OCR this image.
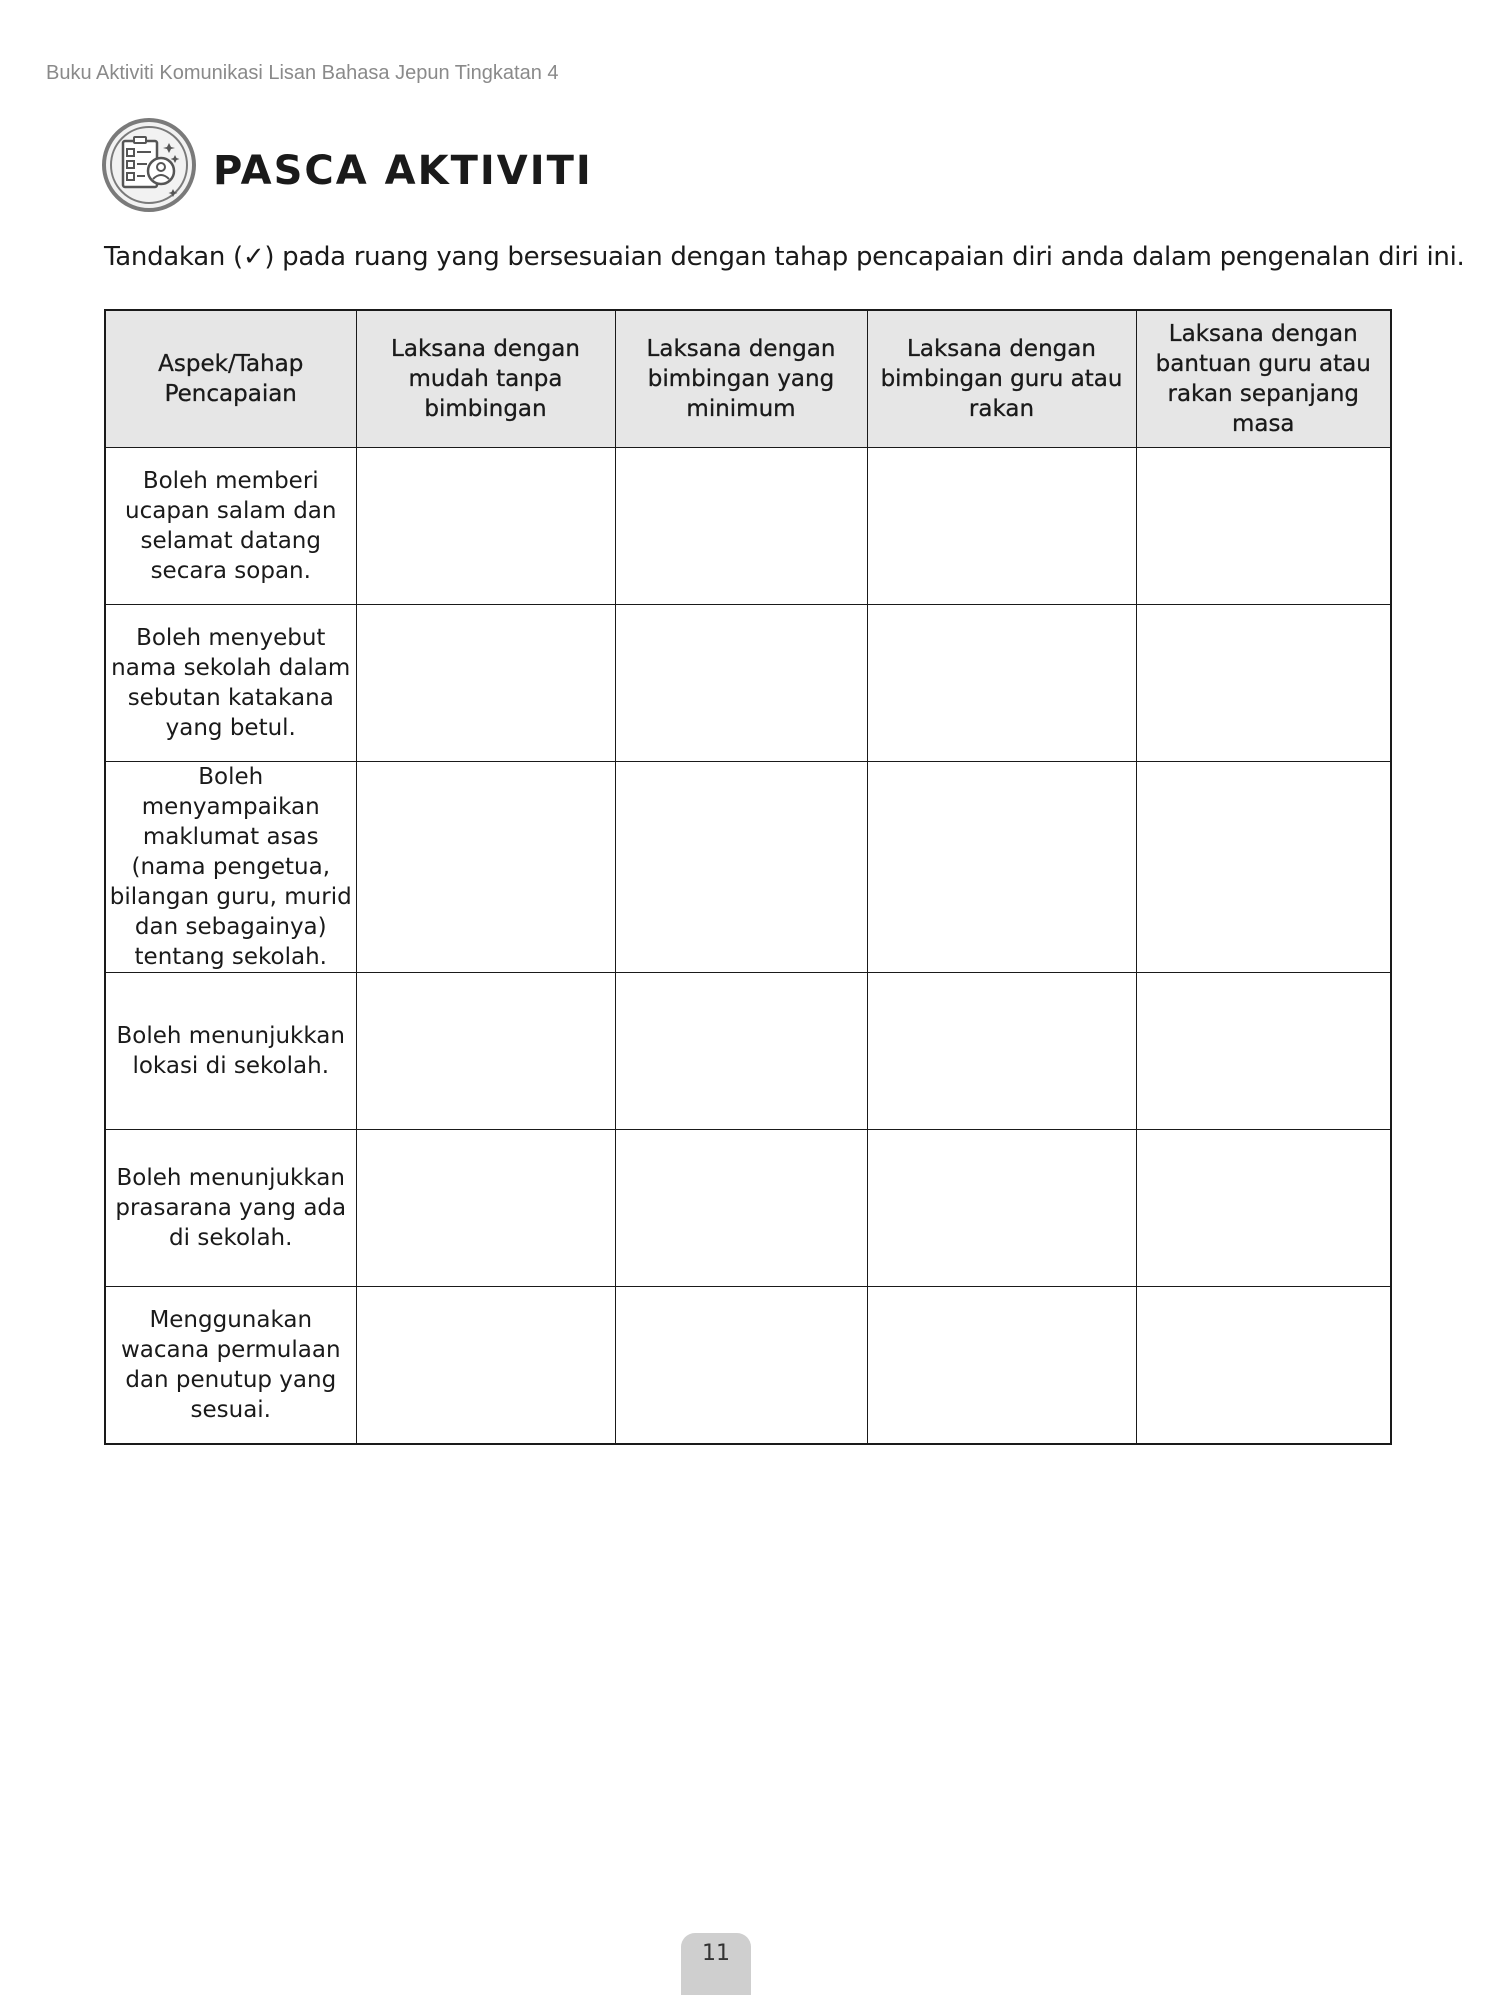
Buku Aktiviti Komunikasi Lisan Bahasa Jepun Tingkatan 4
PASCA AKTIVITI
Tandakan (✓) pada ruang yang bersesuaian dengan tahap pencapaian diri anda dalam pengenalan diri ini.
Aspek/Tahap Pencapaian	Laksana dengan mudah tanpa bimbingan	Laksana dengan bimbingan yang minimum	Laksana dengan bimbingan guru atau rakan	Laksana dengan bantuan guru atau rakan sepanjang masa
Boleh memberi ucapan salam dan selamat datang secara sopan.				
Boleh menyebut nama sekolah dalam sebutan katakana yang betul.				
Boleh menyampaikan maklumat asas (nama pengetua, bilangan guru, murid dan sebagainya) tentang sekolah.				
Boleh menunjukkan lokasi di sekolah.				
Boleh menunjukkan prasarana yang ada di sekolah.				
Menggunakan wacana permulaan dan penutup yang sesuai.				
11
